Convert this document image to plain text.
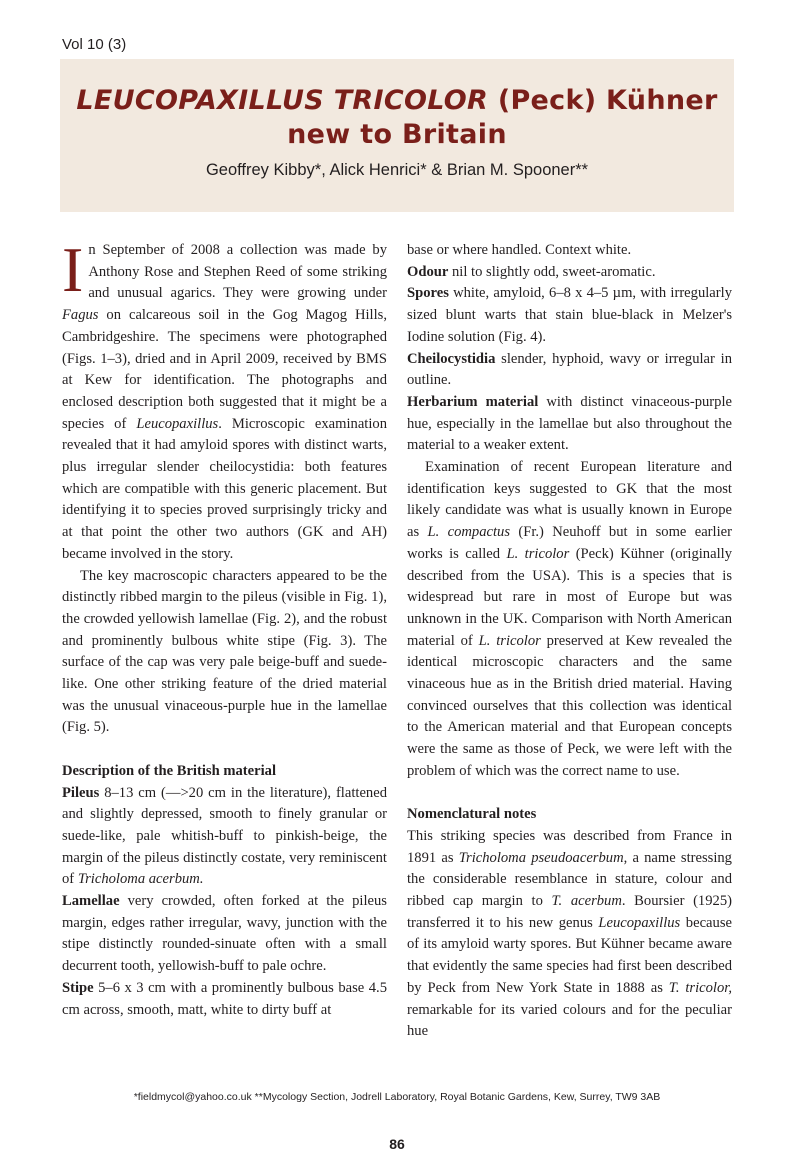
Vol 10 (3)
LEUCOPAXILLUS TRICOLOR (Peck) Kühner
new to Britain
Geoffrey Kibby*, Alick Henrici* & Brian M. Spooner**

In September of 2008 a collection was made by Anthony Rose and Stephen Reed of some striking and unusual agarics. They were growing under Fagus on calcareous soil in the Gog Magog Hills, Cambridgeshire. The specimens were photographed (Figs. 1–3), dried and in April 2009, received by BMS at Kew for identification. The photographs and enclosed description both suggested that it might be a species of Leucopaxillus. Microscopic examination revealed that it had amyloid spores with distinct warts, plus irregular slender cheilocystidia: both features which are compatible with this generic placement. But identifying it to species proved surprisingly tricky and at that point the other two authors (GK and AH) became involved in the story.

The key macroscopic characters appeared to be the distinctly ribbed margin to the pileus (visible in Fig. 1), the crowded yellowish lamellae (Fig. 2), and the robust and prominently bulbous white stipe (Fig. 3). The surface of the cap was very pale beige-buff and suede-like. One other striking feature of the dried material was the unusual vinaceous-purple hue in the lamellae (Fig. 5).

Description of the British material

Pileus 8–13 cm (—>20 cm in the literature), flattened and slightly depressed, smooth to finely granular or suede-like, pale whitish-buff to pinkish-beige, the margin of the pileus distinctly costate, very reminiscent of Tricholoma acerbum.

Lamellae very crowded, often forked at the pileus margin, edges rather irregular, wavy, junction with the stipe distinctly rounded-sinuate often with a small decurrent tooth, yellowish-buff to pale ochre.

Stipe 5–6 x 3 cm with a prominently bulbous base 4.5 cm across, smooth, matt, white to dirty buff at

base or where handled. Context white.

Odour nil to slightly odd, sweet-aromatic.

Spores white, amyloid, 6–8 x 4–5 µm, with irregularly sized blunt warts that stain blue-black in Melzer's Iodine solution (Fig. 4).

Cheilocystidia slender, hyphoid, wavy or irregular in outline.

Herbarium material with distinct vinaceous-purple hue, especially in the lamellae but also throughout the material to a weaker extent.

Examination of recent European literature and identification keys suggested to GK that the most likely candidate was what is usually known in Europe as L. compactus (Fr.) Neuhoff but in some earlier works is called L. tricolor (Peck) Kühner (originally described from the USA). This is a species that is widespread but rare in most of Europe but was unknown in the UK. Comparison with North American material of L. tricolor preserved at Kew revealed the identical microscopic characters and the same vinaceous hue as in the British dried material. Having convinced ourselves that this collection was identical to the American material and that European concepts were the same as those of Peck, we were left with the problem of which was the correct name to use.

Nomenclatural notes

This striking species was described from France in 1891 as Tricholoma pseudoacerbum, a name stressing the considerable resemblance in stature, colour and ribbed cap margin to T. acerbum. Boursier (1925) transferred it to his new genus Leucopaxillus because of its amyloid warty spores. But Kühner became aware that evidently the same species had first been described by Peck from New York State in 1888 as T. tricolor, remarkable for its varied colours and for the peculiar hue

*fieldmycol@yahoo.co.uk **Mycology Section, Jodrell Laboratory, Royal Botanic Gardens, Kew, Surrey, TW9 3AB
86
